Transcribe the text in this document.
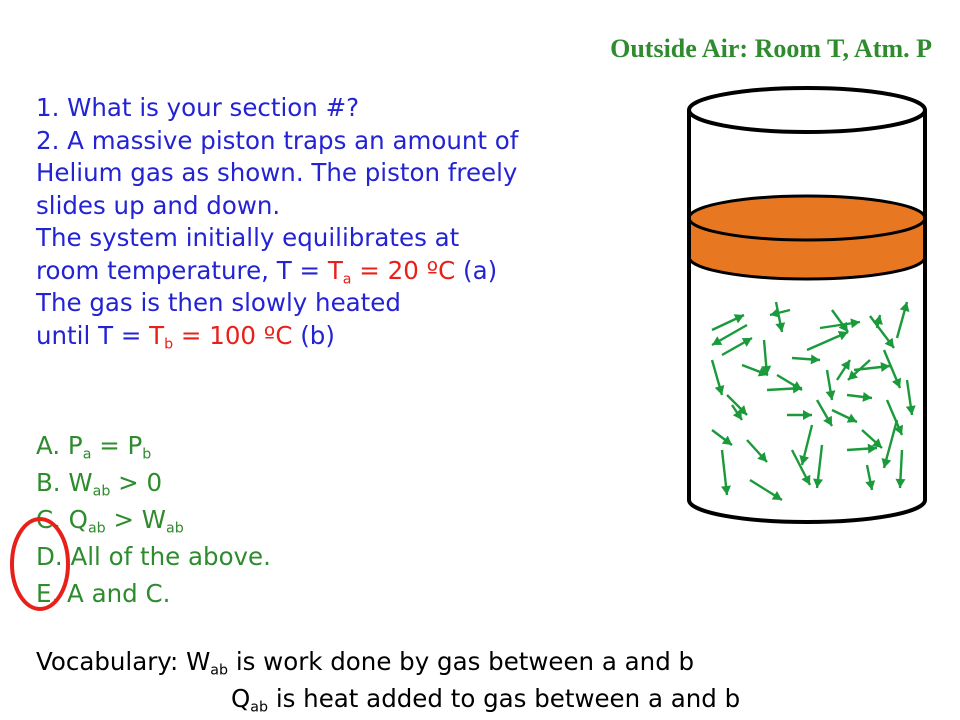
Outside Air: Room T, Atm. P
1. What is your section #?
2. A massive piston traps an amount of
Helium gas as shown. The piston freely
slides up and down.
The system initially equilibrates at
room temperature, $T = T_a = 20$ ºC (a)
The gas is then slowly heated
until $T = T_b = 100$ ºC (b)
A. $P_a = P_b$
B. $W_{ab} > 0$
C. $Q_{ab} > W_{ab}$
D. All of the above.
E. A and C.
Vocabulary: $W_{ab}$ is work done by gas between a and b
$Q_{ab}$ is heat added to gas between a and b
